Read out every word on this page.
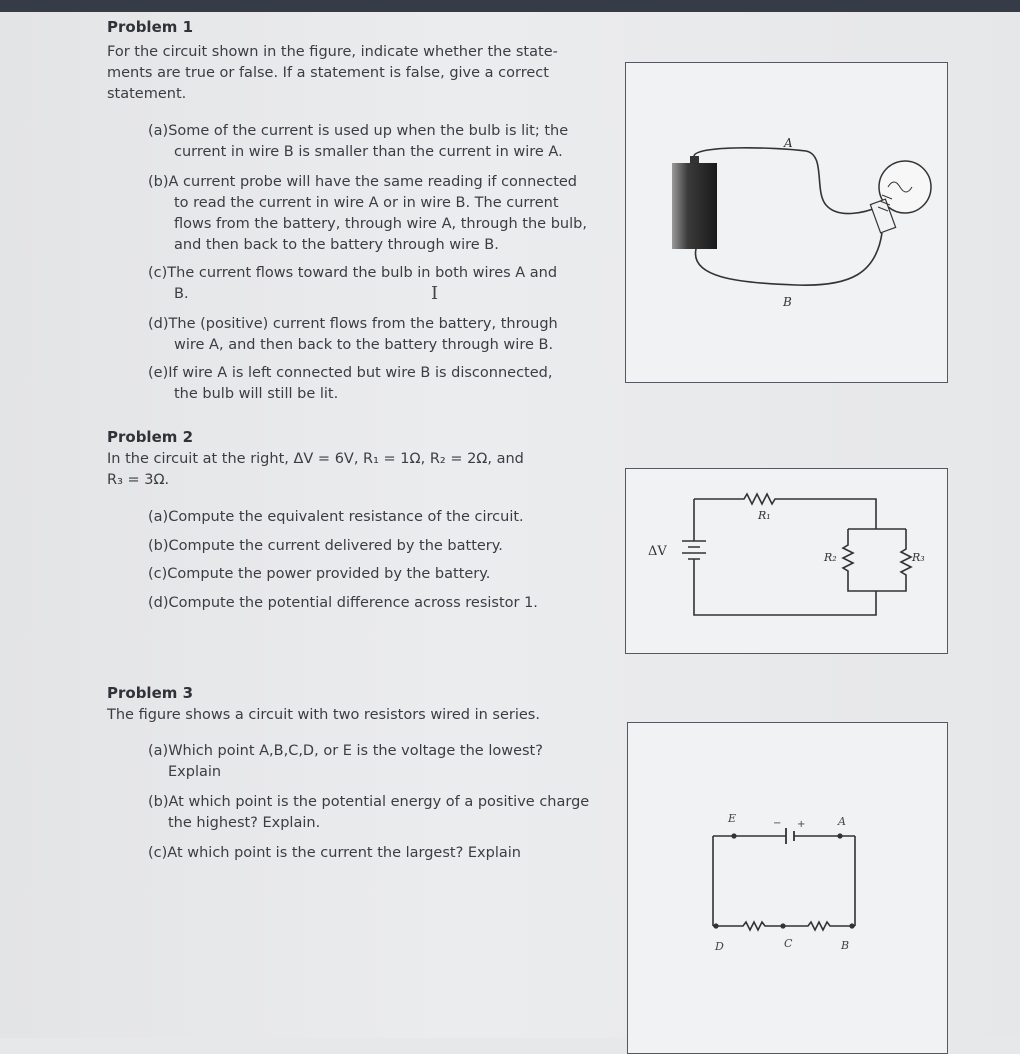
Problem 1
For the circuit shown in the figure, indicate whether the state-
ments are true or false. If a statement is false, give a correct
statement.
(a)Some of the current is used up when the bulb is lit; the
current in wire B is smaller than the current in wire A.
(b)A current probe will have the same reading if connected
to read the current in wire A or in wire B. The current
flows from the battery, through wire A, through the bulb,
and then back to the battery through wire B.
(c)The current flows toward the bulb in both wires A and
B.	I
(d)The (positive) current flows from the battery, through
wire A, and then back to the battery through wire B.
(e)If wire A is left connected but wire B is disconnected,
the bulb will still be lit.
A
B
Problem 2
In the circuit at the right, ΔV = 6V, R₁ = 1Ω, R₂ = 2Ω, and
R₃ = 3Ω.
(a)Compute the equivalent resistance of the circuit.
(b)Compute the current delivered by the battery.
(c)Compute the power provided by the battery.
(d)Compute the potential difference across resistor 1.
ΔV
R₁
R₂	R₃
Problem 3
The figure shows a circuit with two resistors wired in series.
(a)Which point A,B,C,D, or E is the voltage the lowest?
Explain
(b)At which point is the potential energy of a positive charge
the highest? Explain.
(c)At which point is the current the largest? Explain
E	A
D	C	B
− +
